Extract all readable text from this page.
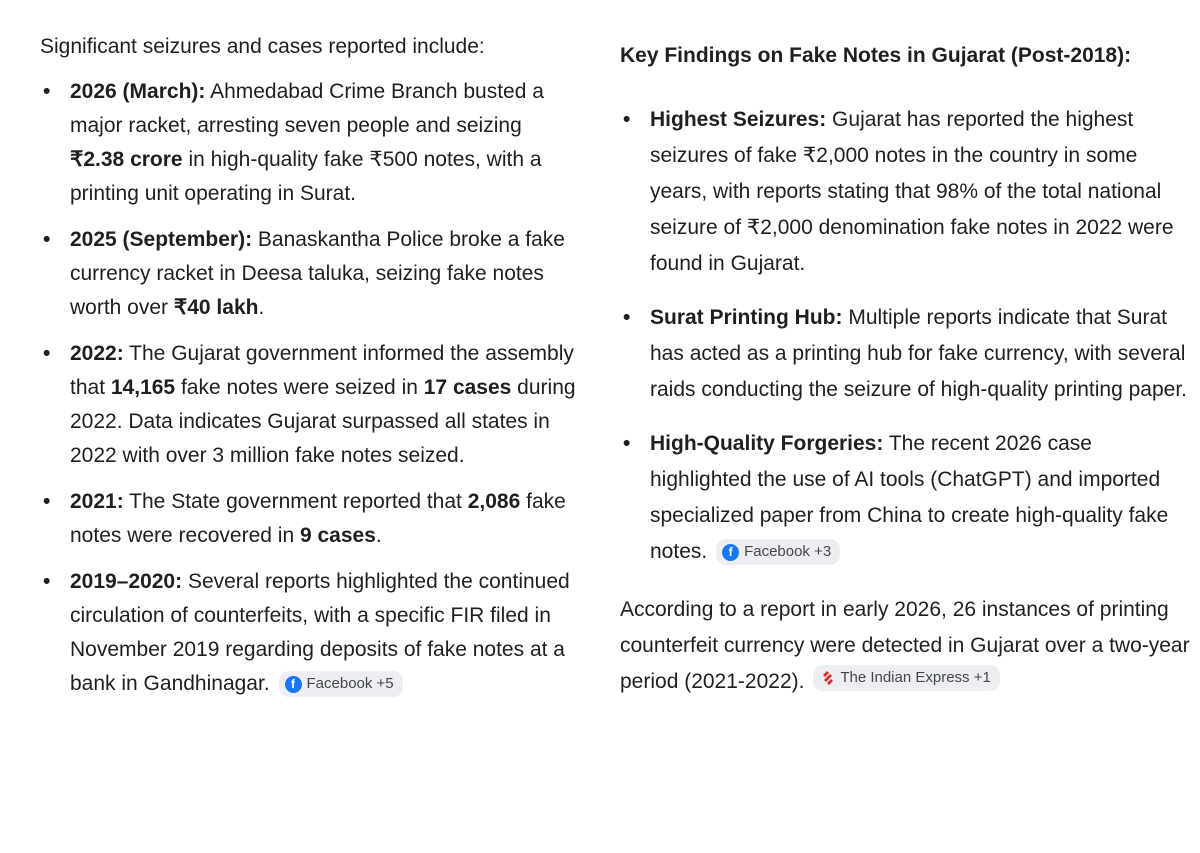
Significant seizures and cases reported include:

• 2026 (March): Ahmedabad Crime Branch busted a major racket, arresting seven people and seizing ₹2.38 crore in high-quality fake ₹500 notes, with a printing unit operating in Surat.
• 2025 (September): Banaskantha Police broke a fake currency racket in Deesa taluka, seizing fake notes worth over ₹40 lakh.
• 2022: The Gujarat government informed the assembly that 14,165 fake notes were seized in 17 cases during 2022. Data indicates Gujarat surpassed all states in 2022 with over 3 million fake notes seized.
• 2021: The State government reported that 2,086 fake notes were recovered in 9 cases.
• 2019–2020: Several reports highlighted the continued circulation of counterfeits, with a specific FIR filed in November 2019 regarding deposits of fake notes at a bank in Gandhinagar.	f Facebook +5
Key Findings on Fake Notes in Gujarat (Post-2018):
• Highest Seizures: Gujarat has reported the highest seizures of fake ₹2,000 notes in the country in some years, with reports stating that 98% of the total national seizure of ₹2,000 denomination fake notes in 2022 were found in Gujarat.
• Surat Printing Hub: Multiple reports indicate that Surat has acted as a printing hub for fake currency, with several raids conducting the seizure of high-quality printing paper.
• High-Quality Forgeries: The recent 2026 case highlighted the use of AI tools (ChatGPT) and imported specialized paper from China to create high-quality fake notes.	f Facebook +3

According to a report in early 2026, 26 instances of printing counterfeit currency were detected in Gujarat over a two-year period (2021-2022). The Indian Express +1
